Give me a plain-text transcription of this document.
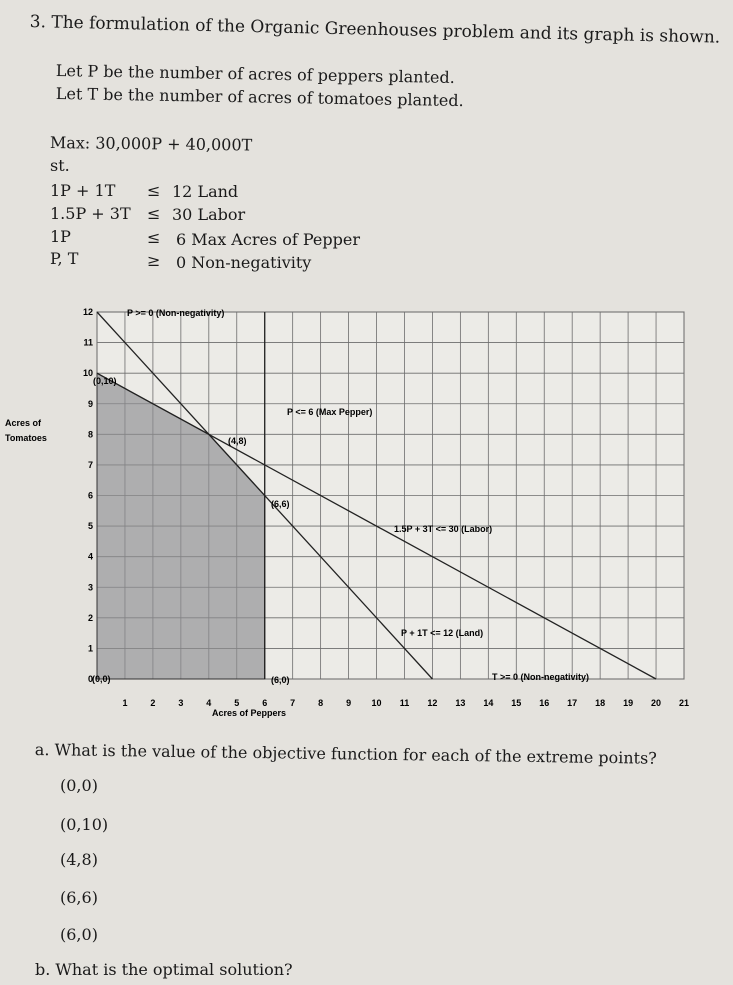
3. The formulation of the Organic Greenhouses problem and its graph is shown.
Let P be the number of acres of peppers planted.
Let T be the number of acres of tomatoes planted.
Max: 30,000P + 40,000T
st.
1P + 1T ≤ 12 Land
1.5P + 3T ≤ 30 Labor
1P	≤ 6 Max Acres of Pepper
P, T	≥ 0 Non-negativity
1	2	3	4	5	6	7	8	9 10 11 12 13 14 15 16 17 18 19 20 21
0
1
2
3
4
5
6
7
8
9
10
11
12	P >= 0 (Non-negativity)
P <= 6 (Max Pepper)
1.5P + 3T <= 30 (Labor)
P + 1T <= 12 (Land)
T >= 0 (Non-negativity)
Acres of
Tomatoes
Acres of Peppers
(0,10)
(4,8)
(6,6)
(6,0)
(0,0)
a. What is the value of the objective function for each of the extreme points?
(0,0)
(0,10)
(4,8)
(6,6)
(6,0)
b. What is the optimal solution?
